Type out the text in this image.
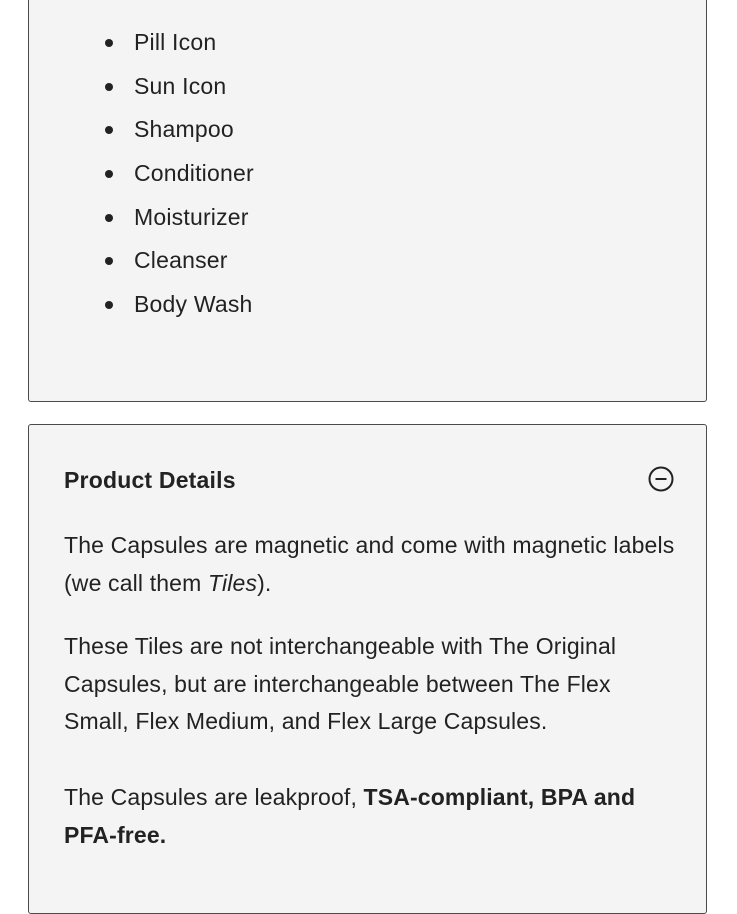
Pill Icon
Sun Icon
Shampoo
Conditioner
Moisturizer
Cleanser
Body Wash
Product Details

The Capsules are magnetic and come with magnetic labels (we call them Tiles).

These Tiles are not interchangeable with The Original Capsules, but are interchangeable between The Flex Small, Flex Medium, and Flex Large Capsules.

The Capsules are leakproof, TSA-compliant, BPA and PFA-free.
